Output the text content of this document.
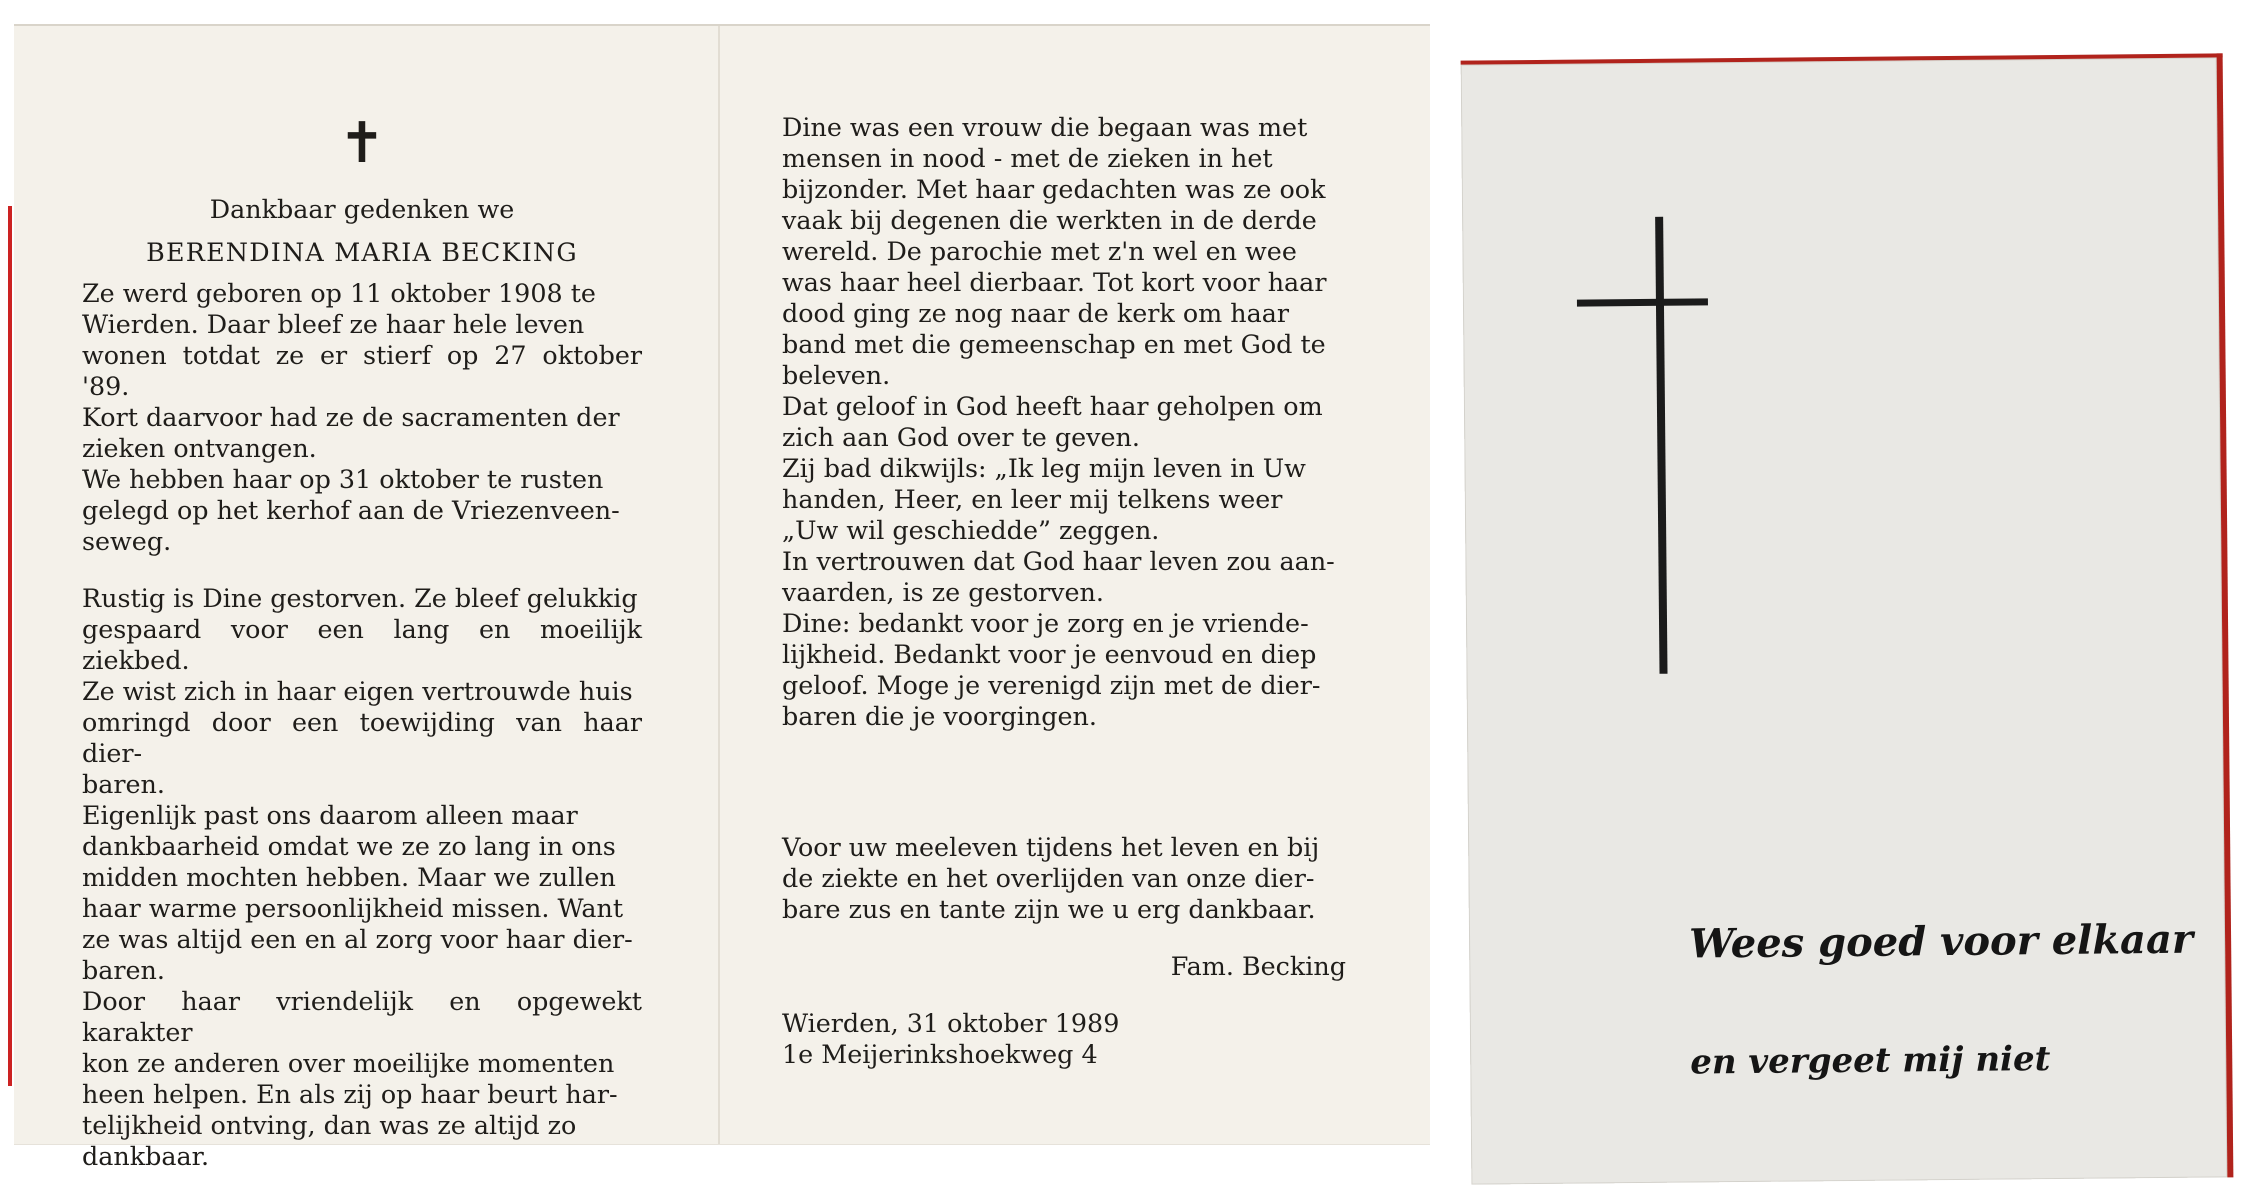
✝

Dankbaar gedenken we

BERENDINA MARIA BECKING

Ze werd geboren op 11 oktober 1908 te

Wierden. Daar bleef ze haar hele leven

wonen totdat ze er stierf op 27 oktober '89.

Kort daarvoor had ze de sacramenten der

zieken ontvangen.

We hebben haar op 31 oktober te rusten

gelegd op het kerhof aan de Vriezenveen-

seweg.

Rustig is Dine gestorven. Ze bleef gelukkig

gespaard voor een lang en moeilijk ziekbed.

Ze wist zich in haar eigen vertrouwde huis

omringd door een toewijding van haar dier-

baren.

Eigenlijk past ons daarom alleen maar

dankbaarheid omdat we ze zo lang in ons

midden mochten hebben. Maar we zullen

haar warme persoonlijkheid missen. Want

ze was altijd een en al zorg voor haar dier-

baren.

Door haar vriendelijk en opgewekt karakter

kon ze anderen over moeilijke momenten

heen helpen. En als zij op haar beurt har-

telijkheid ontving, dan was ze altijd zo

dankbaar.

Dine was een vrouw die begaan was met

mensen in nood - met de zieken in het

bijzonder. Met haar gedachten was ze ook

vaak bij degenen die werkten in de derde

wereld. De parochie met z'n wel en wee

was haar heel dierbaar. Tot kort voor haar

dood ging ze nog naar de kerk om haar

band met die gemeenschap en met God te

beleven.

Dat geloof in God heeft haar geholpen om

zich aan God over te geven.

Zij bad dikwijls: „Ik leg mijn leven in Uw

handen, Heer, en leer mij telkens weer

„Uw wil geschiedde” zeggen.

In vertrouwen dat God haar leven zou aan-

vaarden, is ze gestorven.

Dine: bedankt voor je zorg en je vriende-

lijkheid. Bedankt voor je eenvoud en diep

geloof. Moge je verenigd zijn met de dier-

baren die je voorgingen.

Voor uw meeleven tijdens het leven en bij

de ziekte en het overlijden van onze dier-

bare zus en tante zijn we u erg dankbaar.

Fam. Becking

Wierden, 31 oktober 1989

1e Meijerinkshoekweg 4

Wees goed voor elkaar
en vergeet mij niet
